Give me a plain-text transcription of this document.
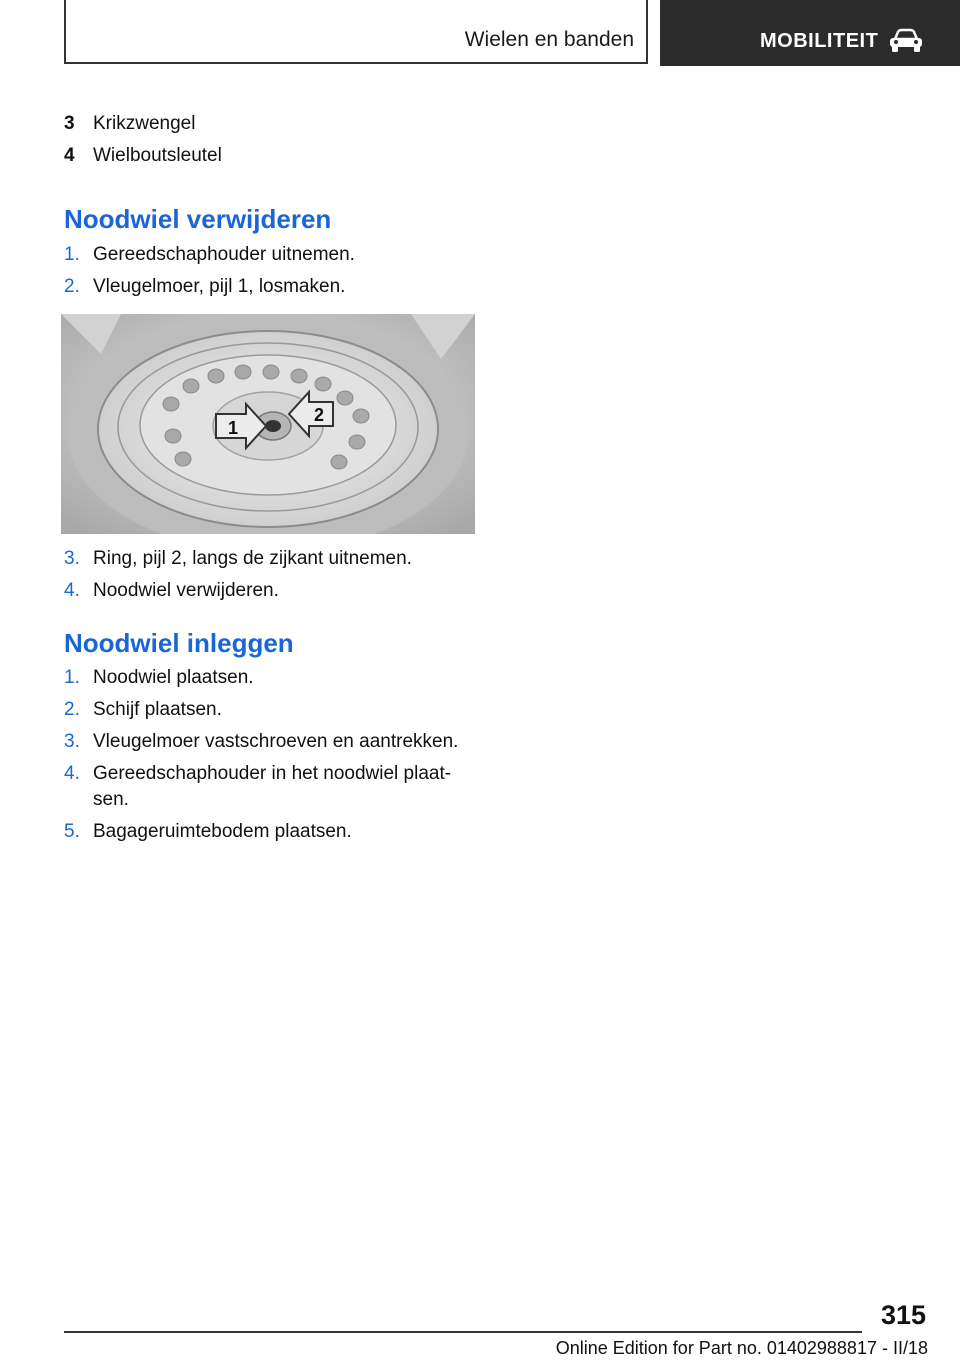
Wielen en banden	MOBILITEIT
3 Krikzwengel
4 Wielboutsleutel
Noodwiel verwijderen
1. Gereedschaphouder uitnemen.
2. Vleugelmoer, pijl 1, losmaken.
1
2
3. Ring, pijl 2, langs de zijkant uitnemen.
4. Noodwiel verwijderen.
Noodwiel inleggen
1. Noodwiel plaatsen.
2. Schijf plaatsen.
3. Vleugelmoer vastschroeven en aantrekken.
4. Gereedschaphouder in het noodwiel plaat-
sen.
5. Bagageruimtebodem plaatsen.
315
Online Edition for Part no. 01402988817 - II/18
